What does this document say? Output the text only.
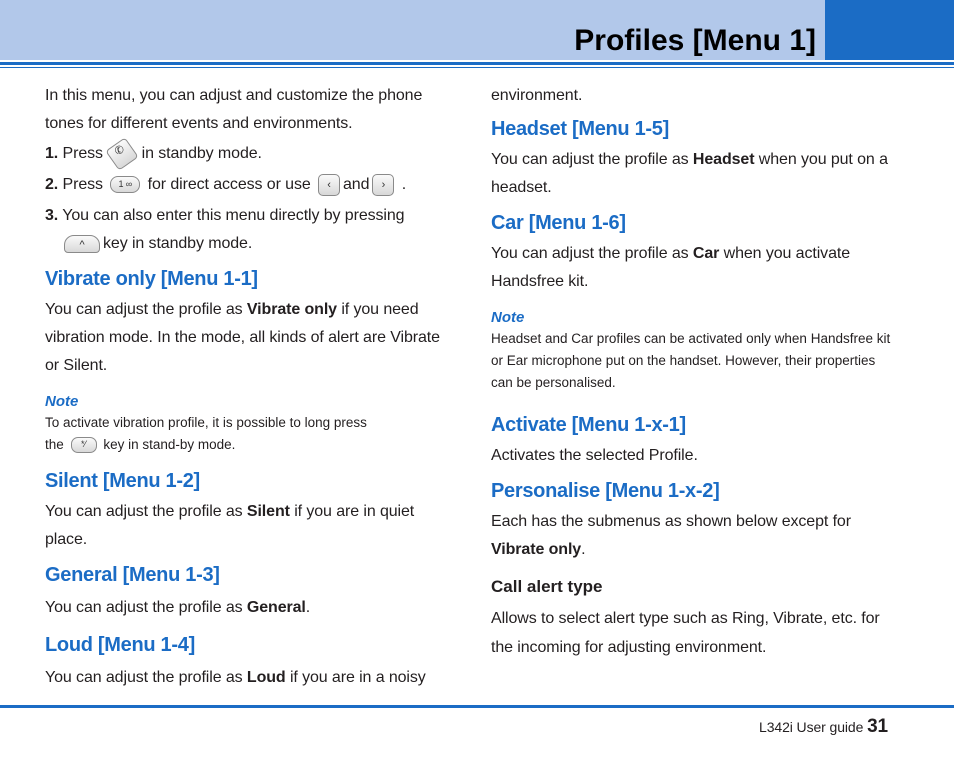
Profiles [Menu 1]

In this menu, you can adjust and customize the phone tones for different events and environments.

1. Press ✆ in standby mode.
2. Press 1 ∞ for direct access or use ‹ and › .
3. You can also enter this menu directly by pressing
^ key in standby mode.
Vibrate only [Menu 1-1]

You can adjust the profile as Vibrate only if you need vibration mode. In the mode, all kinds of alert are Vibrate or Silent.

Note
To activate vibration profile, it is possible to long press
the *⁄ key in stand-by mode.
Silent [Menu 1-2]

You can adjust the profile as Silent if you are in quiet place.

General [Menu 1-3]

You can adjust the profile as General.

Loud [Menu 1-4]

You can adjust the profile as Loud if you are in a noisy

environment.

Headset [Menu 1-5]

You can adjust the profile as Headset when you put on a headset.

Car [Menu 1-6]

You can adjust the profile as Car when you activate Handsfree kit.

Note
Headset and Car profiles can be activated only when Handsfree kit or Ear microphone put on the handset. However, their properties can be personalised.
Activate [Menu 1-x-1]

Activates the selected Profile.

Personalise [Menu 1-x-2]

Each has the submenus as shown below except for Vibrate only.

Call alert type

Allows to select alert type such as Ring, Vibrate, etc. for the incoming for adjusting environment.

L342i User guide 31
